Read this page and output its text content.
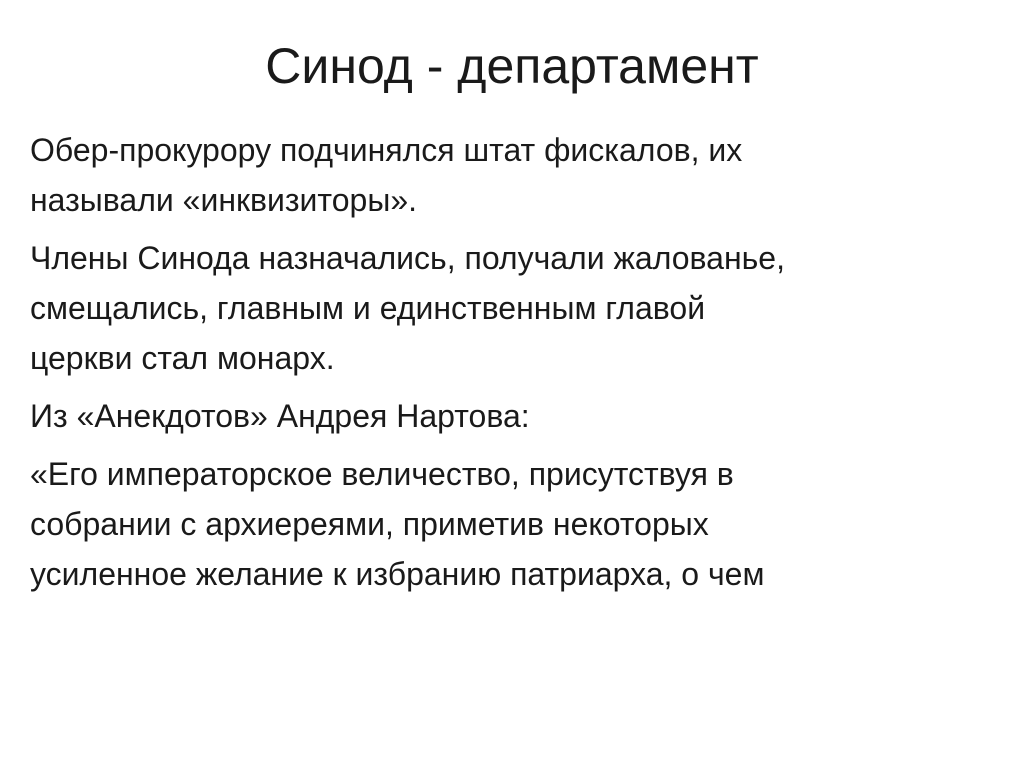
Синод - департамент

Обер-прокурору подчинялся штат фискалов, их
называли «инквизиторы».

Члены Синода назначались, получали жалованье,
смещались, главным и единственным главой
церкви стал монарх.

Из «Анекдотов» Андрея Нартова:

«Его императорское величество, присутствуя в
собрании с архиереями, приметив некоторых
усиленное желание к избранию патриарха, о чем
